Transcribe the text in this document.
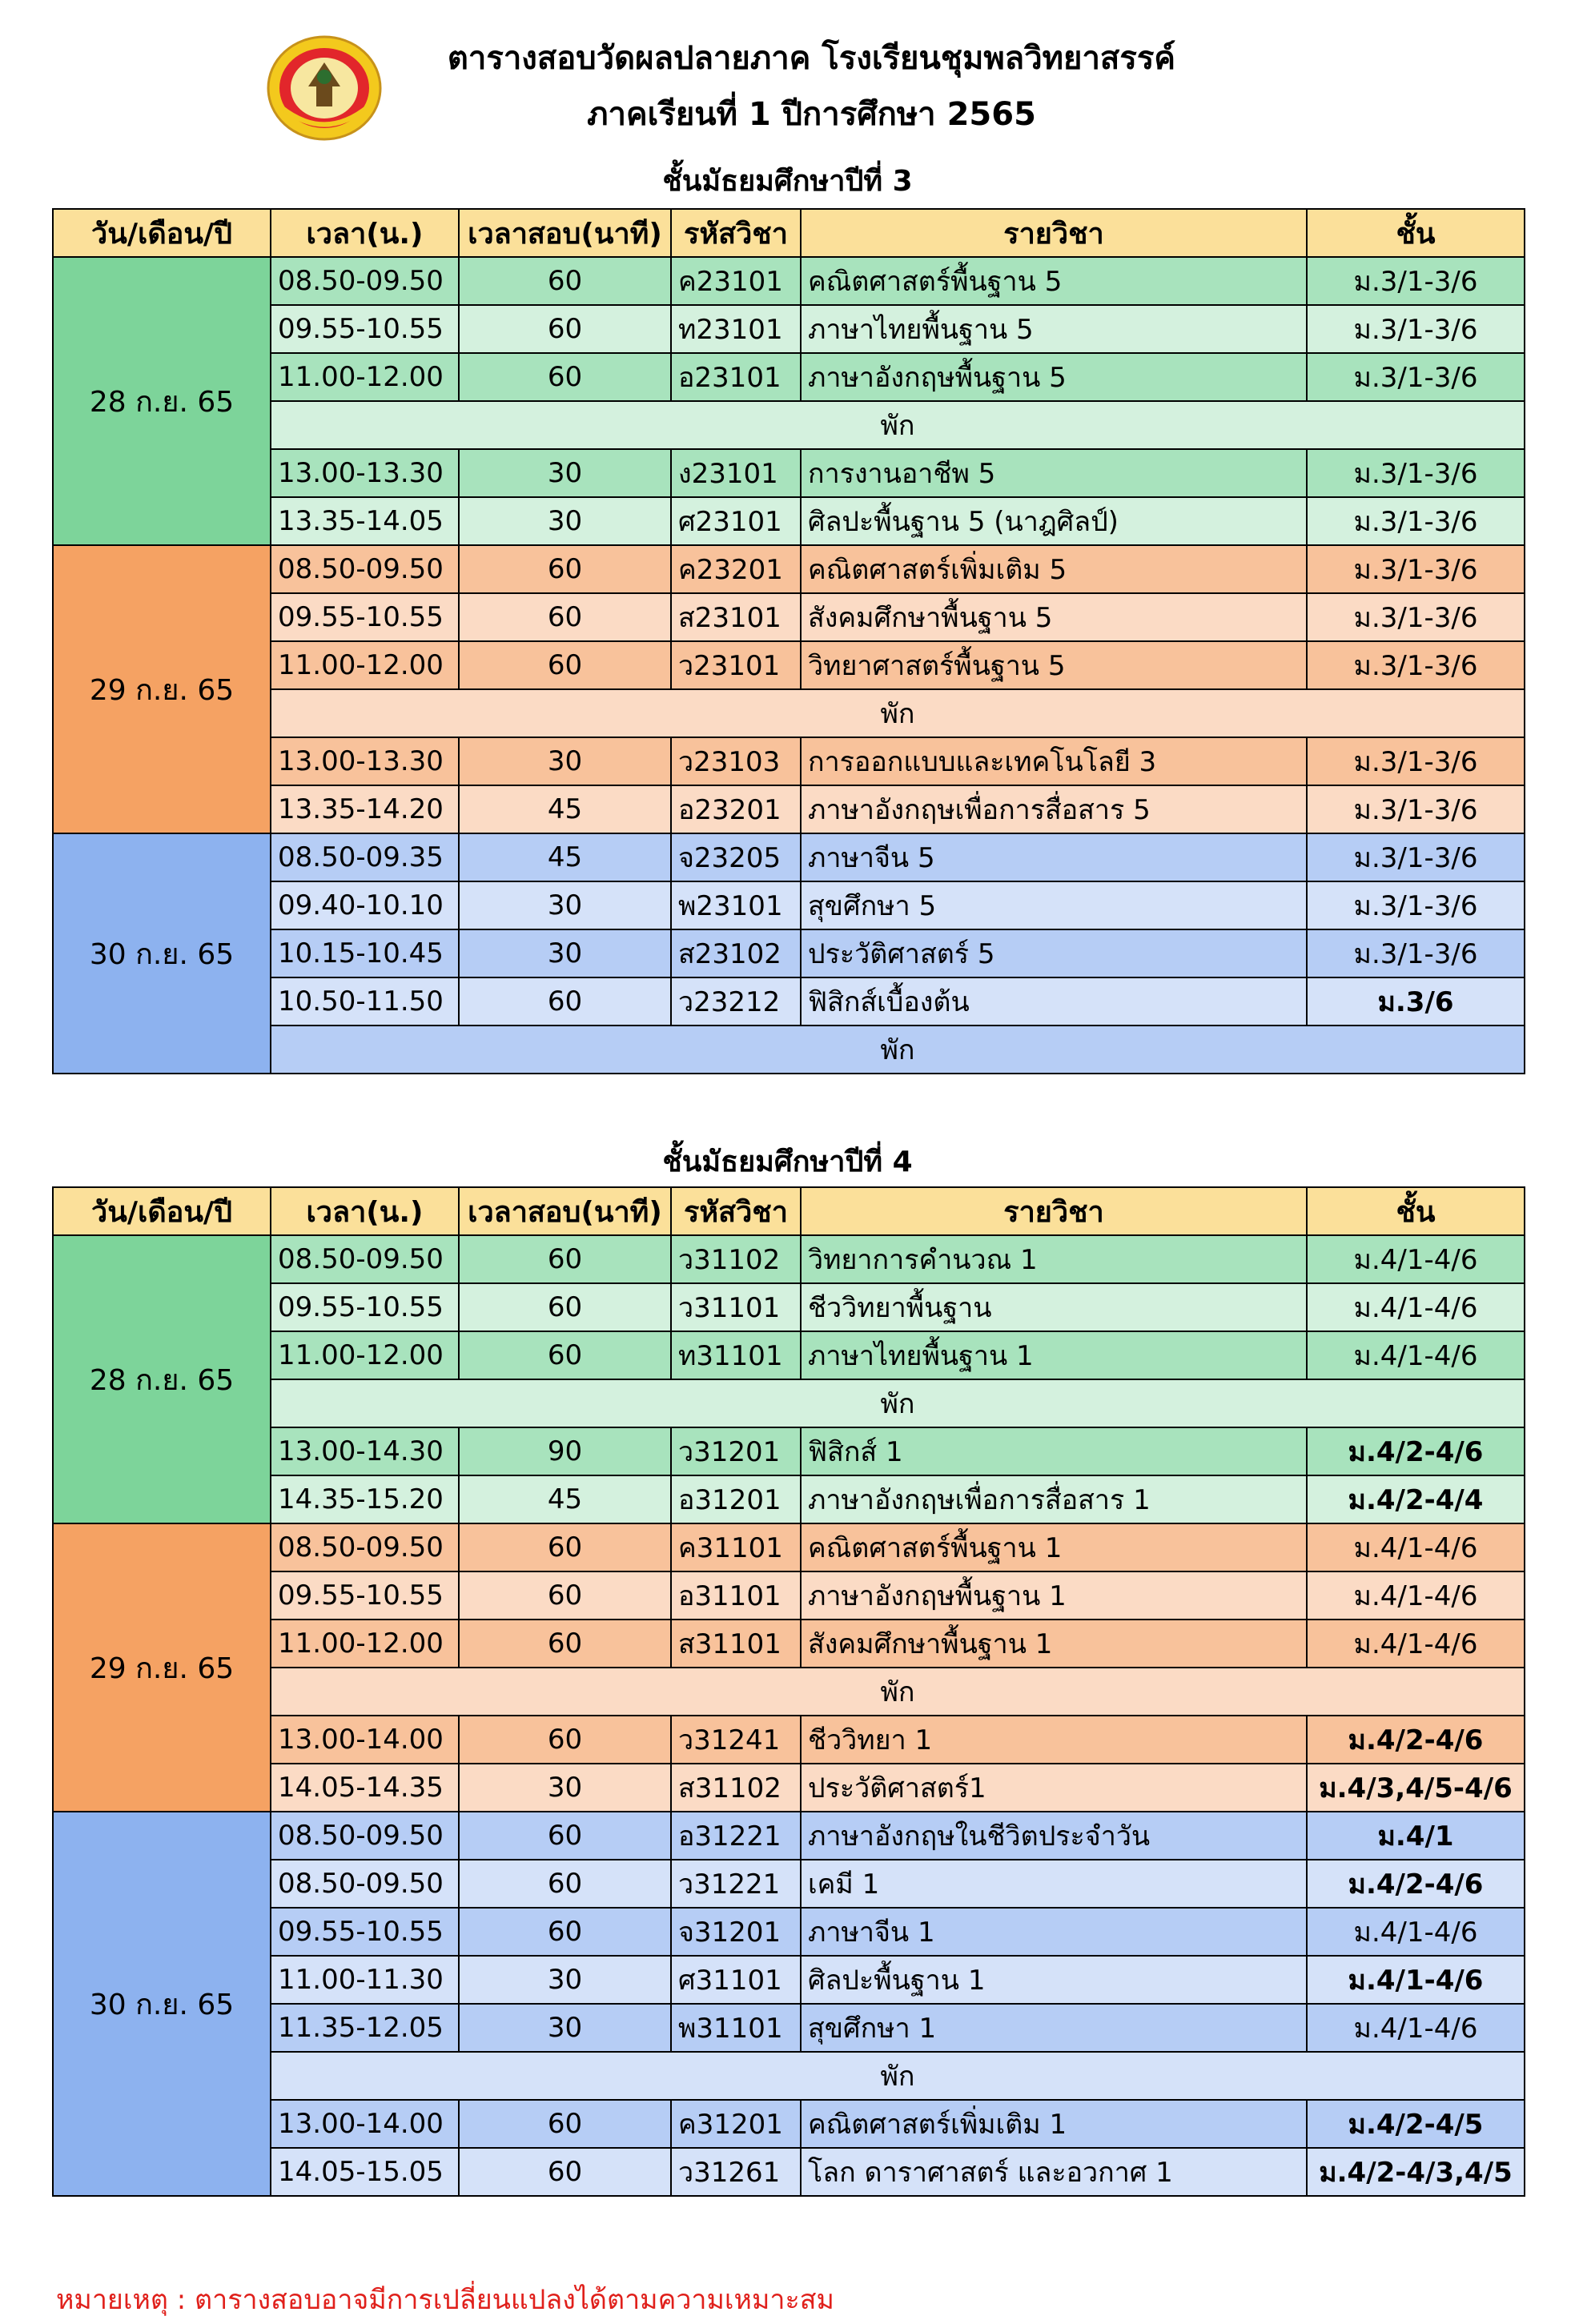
ตารางสอบวัดผลปลายภาค โรงเรียนชุมพลวิทยาสรรค์
ภาคเรียนที่ 1 ปีการศึกษา 2565
ชั้นมัธยมศึกษาปีที่ 3
วัน/เดือน/ปี	เวลา(น.)	เวลาสอบ(นาที)	รหัสวิชา	รายวิชา	ชั้น
28 ก.ย. 65	08.50-09.50	60	ค23101	คณิตศาสตร์พื้นฐาน 5	ม.3/1-3/6
	09.55-10.55	60	ท23101	ภาษาไทยพื้นฐาน 5	ม.3/1-3/6
	11.00-12.00	60	อ23101	ภาษาอังกฤษพื้นฐาน 5	ม.3/1-3/6
	พัก				
	13.00-13.30	30	ง23101	การงานอาชีพ 5	ม.3/1-3/6
	13.35-14.05	30	ศ23101	ศิลปะพื้นฐาน 5 (นาฎศิลป์)	ม.3/1-3/6
29 ก.ย. 65	08.50-09.50	60	ค23201	คณิตศาสตร์เพิ่มเติม 5	ม.3/1-3/6
	09.55-10.55	60	ส23101	สังคมศึกษาพื้นฐาน 5	ม.3/1-3/6
	11.00-12.00	60	ว23101	วิทยาศาสตร์พื้นฐาน 5	ม.3/1-3/6
	พัก				
	13.00-13.30	30	ว23103	การออกแบบและเทคโนโลยี 3	ม.3/1-3/6
	13.35-14.20	45	อ23201	ภาษาอังกฤษเพื่อการสื่อสาร 5	ม.3/1-3/6
30 ก.ย. 65	08.50-09.35	45	จ23205	ภาษาจีน 5	ม.3/1-3/6
	09.40-10.10	30	พ23101	สุขศึกษา 5	ม.3/1-3/6
	10.15-10.45	30	ส23102	ประวัติศาสตร์ 5	ม.3/1-3/6
	10.50-11.50	60	ว23212	ฟิสิกส์เบื้องต้น	ม.3/6
	พัก				
ชั้นมัธยมศึกษาปีที่ 4
วัน/เดือน/ปี	เวลา(น.)	เวลาสอบ(นาที)	รหัสวิชา	รายวิชา	ชั้น
28 ก.ย. 65	08.50-09.50	60	ว31102	วิทยาการคำนวณ 1	ม.4/1-4/6
	09.55-10.55	60	ว31101	ชีววิทยาพื้นฐาน	ม.4/1-4/6
	11.00-12.00	60	ท31101	ภาษาไทยพื้นฐาน 1	ม.4/1-4/6
	พัก				
	13.00-14.30	90	ว31201	ฟิสิกส์ 1	ม.4/2-4/6
	14.35-15.20	45	อ31201	ภาษาอังกฤษเพื่อการสื่อสาร 1	ม.4/2-4/4
29 ก.ย. 65	08.50-09.50	60	ค31101	คณิตศาสตร์พื้นฐาน 1	ม.4/1-4/6
	09.55-10.55	60	อ31101	ภาษาอังกฤษพื้นฐาน 1	ม.4/1-4/6
	11.00-12.00	60	ส31101	สังคมศึกษาพื้นฐาน 1	ม.4/1-4/6
	พัก				
	13.00-14.00	60	ว31241	ชีววิทยา 1	ม.4/2-4/6
	14.05-14.35	30	ส31102	ประวัติศาสตร์1	ม.4/3,4/5-4/6
30 ก.ย. 65	08.50-09.50	60	อ31221	ภาษาอังกฤษในชีวิตประจำวัน	ม.4/1
	08.50-09.50	60	ว31221	เคมี 1	ม.4/2-4/6
	09.55-10.55	60	จ31201	ภาษาจีน 1	ม.4/1-4/6
	11.00-11.30	30	ศ31101	ศิลปะพื้นฐาน 1	ม.4/1-4/6
	11.35-12.05	30	พ31101	สุขศึกษา 1	ม.4/1-4/6
	พัก				
	13.00-14.00	60	ค31201	คณิตศาสตร์เพิ่มเติม 1	ม.4/2-4/5
	14.05-15.05	60	ว31261	โลก ดาราศาสตร์ และอวกาศ 1	ม.4/2-4/3,4/5
หมายเหตุ : ตารางสอบอาจมีการเปลี่ยนแปลงได้ตามความเหมาะสม
